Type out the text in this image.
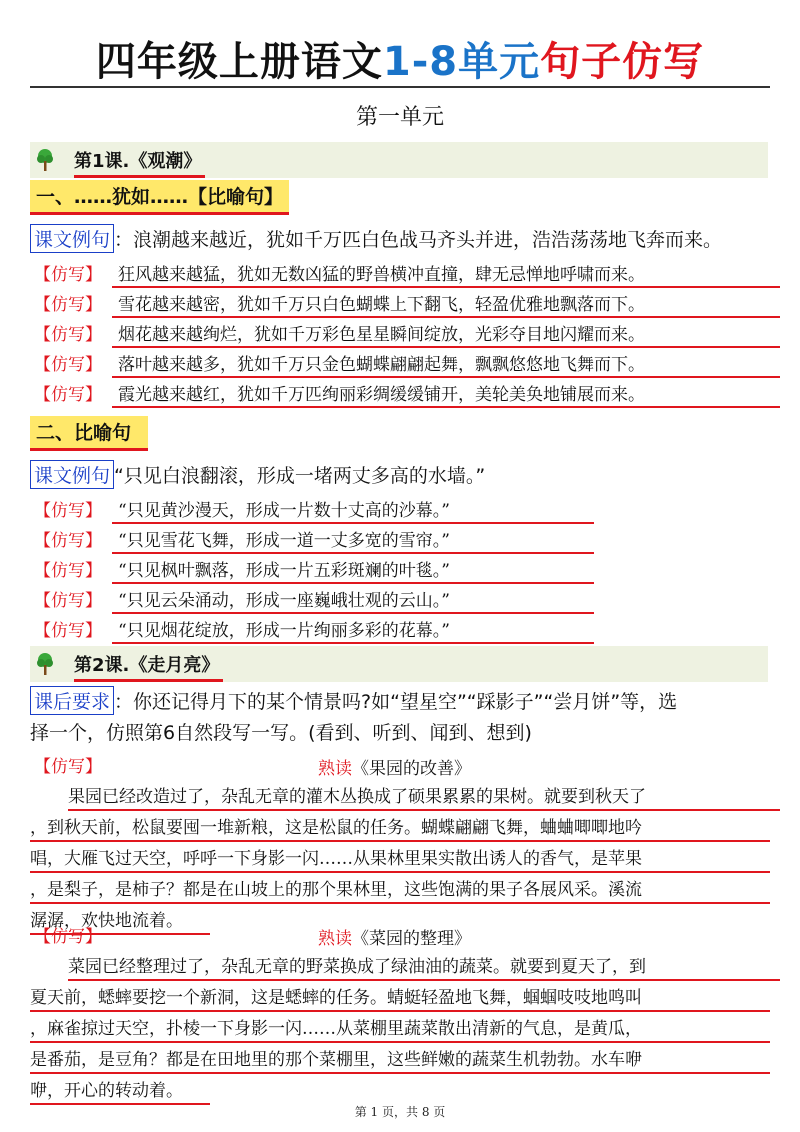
四年级上册语文1-8单元句子仿写
第一单元
第1课.《观潮》
一、……犹如……【比喻句】
课文例句 ：浪潮越来越近，犹如千万匹白色战马齐头并进，浩浩荡荡地飞奔而来。
【仿写】 狂风越来越猛，犹如无数凶猛的野兽横冲直撞，肆无忌惮地呼啸而来。
【仿写】 雪花越来越密，犹如千万只白色蝴蝶上下翻飞，轻盈优雅地飘落而下。
【仿写】 烟花越来越绚烂，犹如千万彩色星星瞬间绽放，光彩夺目地闪耀而来。
【仿写】 落叶越来越多，犹如千万只金色蝴蝶翩翩起舞，飘飘悠悠地飞舞而下。
【仿写】 霞光越来越红，犹如千万匹绚丽彩绸缓缓铺开，美轮美奂地铺展而来。
二、比喻句
课文例句 “只见白浪翻滚，形成一堵两丈多高的水墙。”
【仿写】 “只见黄沙漫天，形成一片数十丈高的沙幕。”
【仿写】 “只见雪花飞舞，形成一道一丈多宽的雪帘。”
【仿写】 “只见枫叶飘落，形成一片五彩斑斓的叶毯。”
【仿写】 “只见云朵涌动，形成一座巍峨壮观的云山。”
【仿写】 “只见烟花绽放，形成一片绚丽多彩的花幕。”
第2课.《走月亮》
课后要求 ：你还记得月下的某个情景吗?如“望星空”“踩影子”“尝月饼”等，选
择一个，仿照第6自然段写一写。(看到、听到、闻到、想到)
【仿写】	熟读《果园的改善》
果园已经改造过了，杂乱无章的灌木丛换成了硕果累累的果树。就要到秋天了
，到秋天前，松鼠要囤一堆新粮，这是松鼠的任务。蝴蝶翩翩飞舞，蛐蛐唧唧地吟
唱，大雁飞过天空，呼呼一下身影一闪……从果林里果实散出诱人的香气，是苹果
，是梨子，是柿子？都是在山坡上的那个果林里，这些饱满的果子各展风采。溪流
潺潺，欢快地流着。
【仿写】	熟读《菜园的整理》
菜园已经整理过了，杂乱无章的野菜换成了绿油油的蔬菜。就要到夏天了，到
夏天前，蟋蟀要挖一个新洞，这是蟋蟀的任务。蜻蜓轻盈地飞舞，蝈蝈吱吱地鸣叫
，麻雀掠过天空，扑棱一下身影一闪……从菜棚里蔬菜散出清新的气息，是黄瓜，
是番茄，是豆角？都是在田地里的那个菜棚里，这些鲜嫩的蔬菜生机勃勃。水车咿
咿，开心的转动着。
第 1 页，共 8 页
